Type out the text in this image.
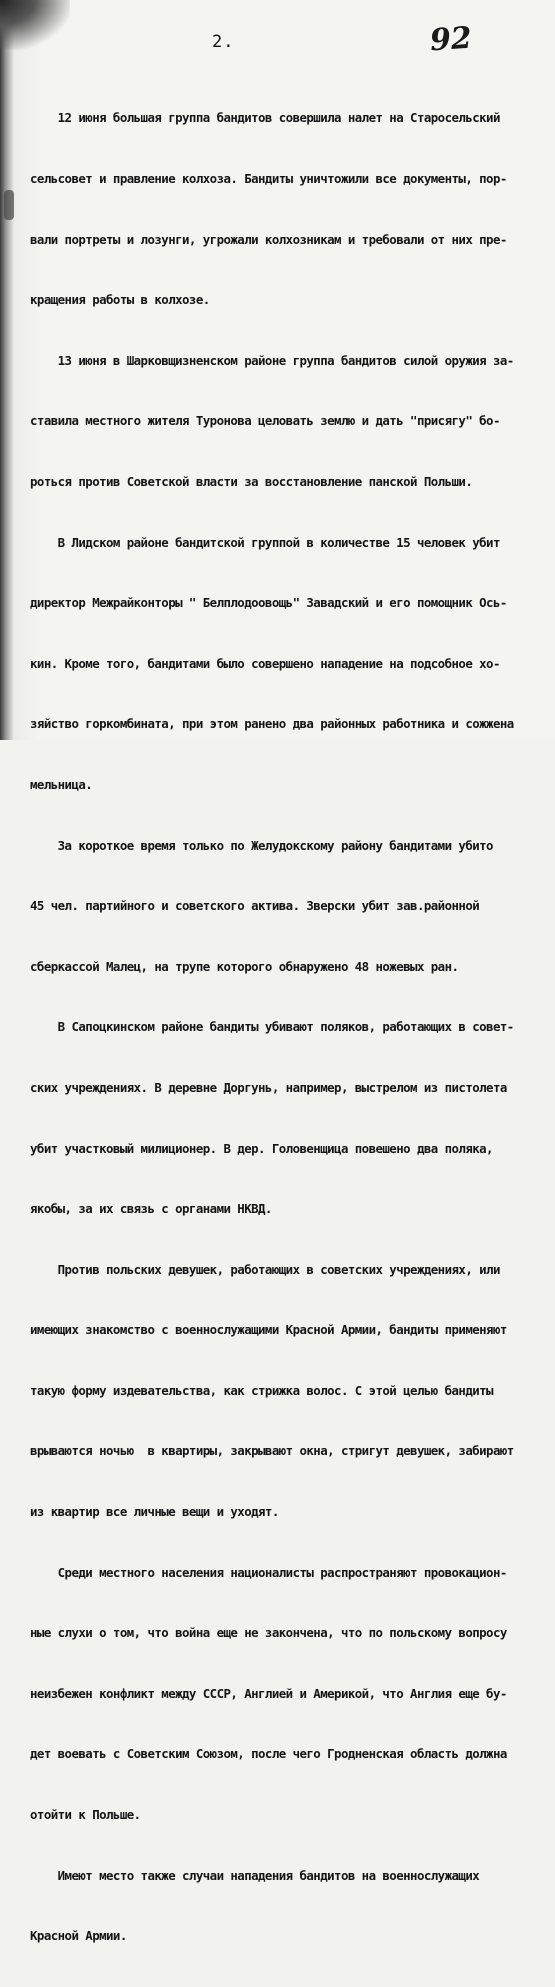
2.	92

12 июня большая группа бандитов совершила налет на Старосельский

сельсовет и правление колхоза. Бандиты уничтожили все документы, пор-

вали портреты и лозунги, угрожали колхозникам и требовали от них пре-

кращения работы в колхозе.

13 июня в Шарковщизненском районе группа бандитов силой оружия за-

ставила местного жителя Туронова целовать землю и дать "присягу" бо-

роться против Советской власти за восстановление панской Польши.

В Лидском районе бандитской группой в количестве 15 человек убит

директор Межрайконторы " Белплодоовощь" Завадский и его помощник Ось-

кин. Кроме того, бандитами было совершено нападение на подсобное хо-

зяйство горкомбината, при этом ранено два районных работника и сожжена

мельница.

За короткое время только по Желудокскому району бандитами убито

45 чел. партийного и советского актива. Зверски убит зав.районной

сберкассой Малец, на трупе которого обнаружено 48 ножевых ран.

В Сапоцкинском районе бандиты убивают поляков, работающих в совет-

ских учреждениях. В деревне Доргунь, например, выстрелом из пистолета

убит участковый милиционер. В дер. Головенщица повешено два поляка,

якобы, за их связь с органами НКВД.

Против польских девушек, работающих в советских учреждениях, или

имеющих знакомство с военнослужащими Красной Армии, бандиты применяют

такую форму издевательства, как стрижка волос. С этой целью бандиты

врываются ночью  в квартиры, закрывают окна, стригут девушек, забирают

из квартир все личные вещи и уходят.

Среди местного населения националисты распространяют провокацион-

ные слухи о том, что война еще не закончена, что по польскому вопросу

неизбежен конфликт между СССР, Англией и Америкой, что Англия еще бу-

дет воевать с Советским Союзом, после чего Гродненская область должна

отойти к Польше.

Имеют место также случаи нападения бандитов на военнослужащих

Красной Армии.
